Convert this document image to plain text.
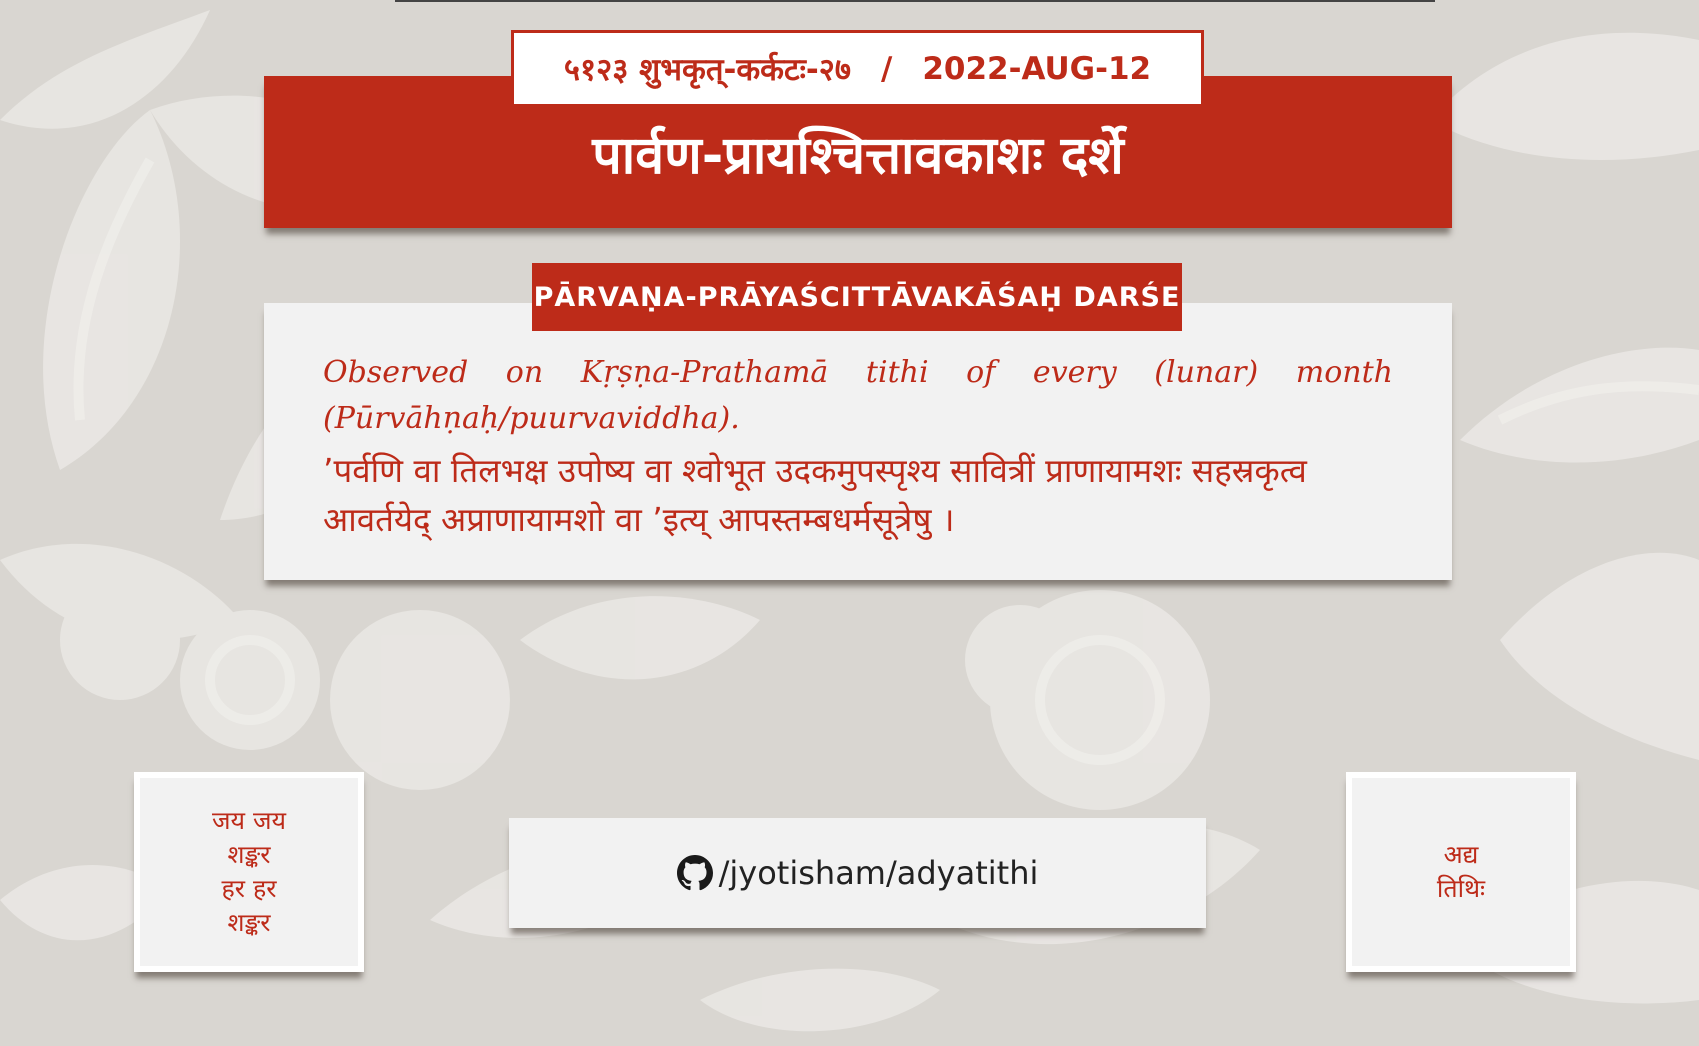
५१२३ शुभकृत्-कर्कटः-२७ / 2022-AUG-12
पार्वण-प्रायश्चित्तावकाशः दर्शे
PĀRVAṆA-PRĀYAŚCITTĀVAKĀŚAḤ DARŚE
Observed on Kṛṣṇa-Prathamā tithi of every (lunar) month (Pūrvāhṇaḥ/puurvaviddha).
’पर्वणि वा तिलभक्ष उपोष्य वा श्वोभूत उदकमुपस्पृश्य सावित्रीं प्राणायामशः सहस्रकृत्व आवर्तयेद् अप्राणायामशो वा ’इत्य् आपस्तम्बधर्मसूत्रेषु ।
जय जय
शङ्कर
हर हर
शङ्कर
/jyotisham/adyatithi	अद्य
तिथिः
